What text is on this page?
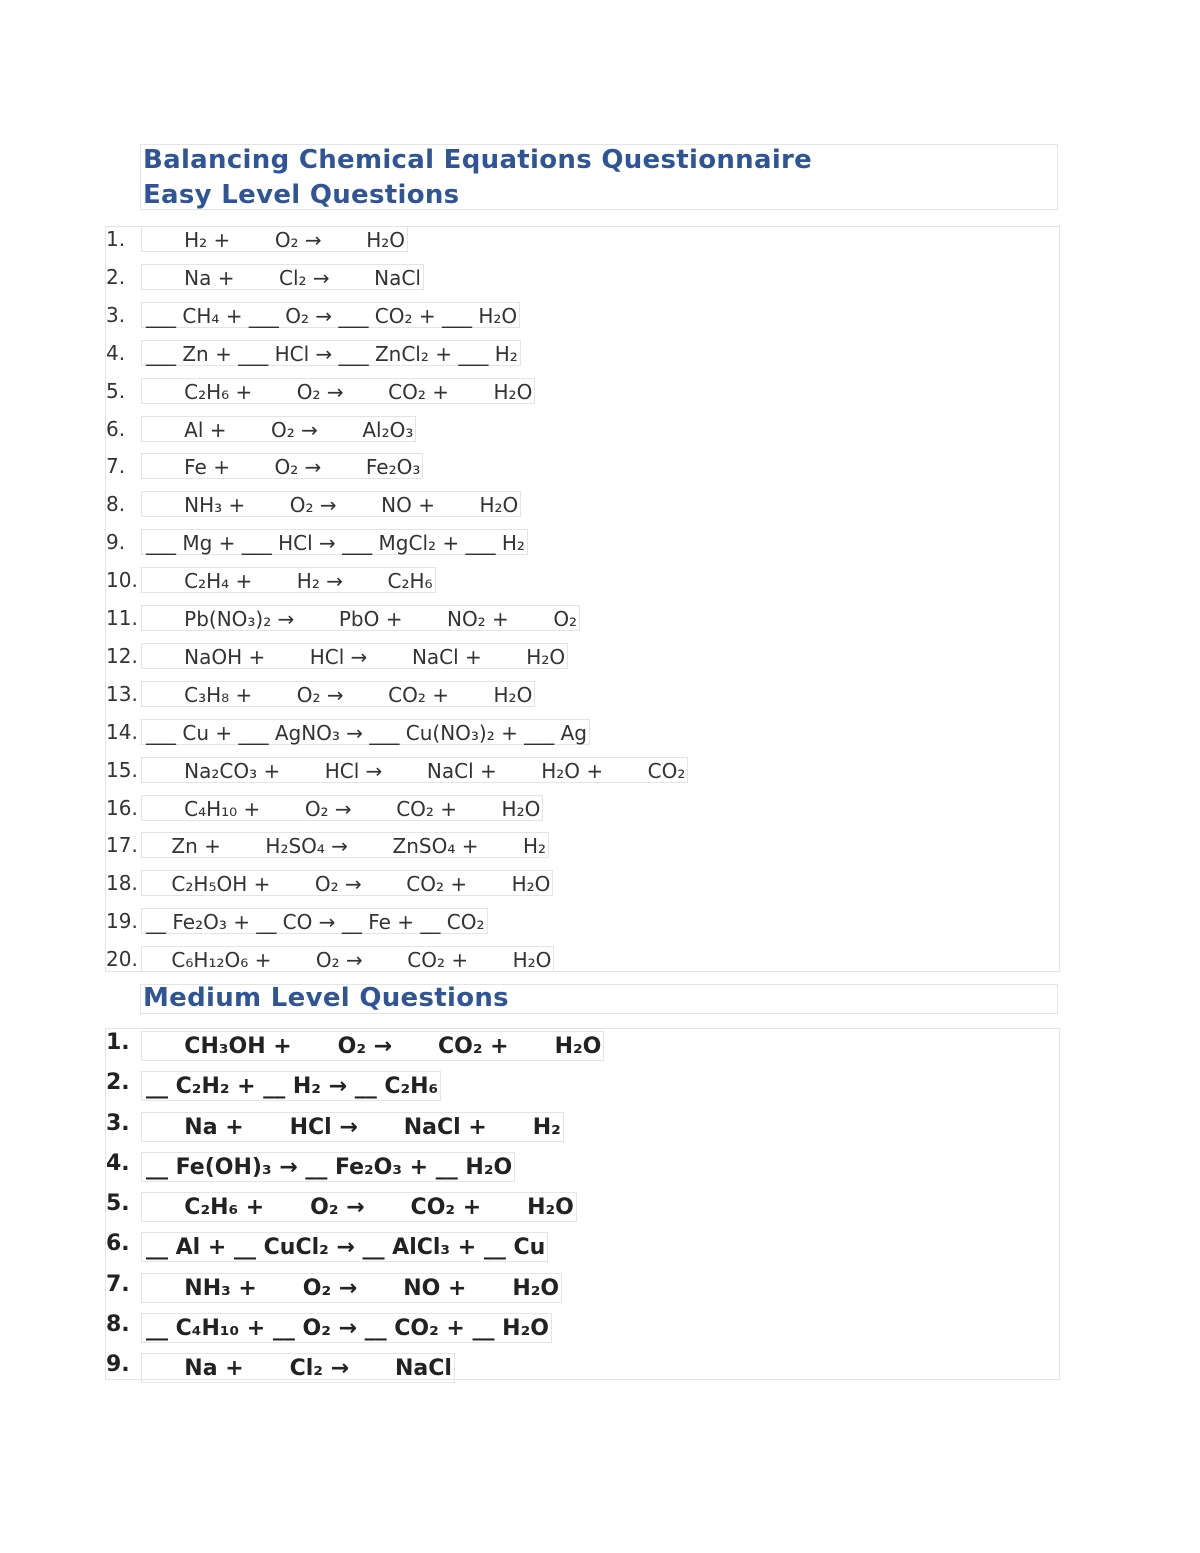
Balancing Chemical Equations Questionnaire
Easy Level Questions
1. H₂ +       O₂ →       H₂O
2. Na +       Cl₂ →       NaCl
3. ___ CH₄ + ___ O₂ → ___ CO₂ + ___ H₂O
4. ___ Zn + ___ HCl → ___ ZnCl₂ + ___ H₂
5. C₂H₆ +       O₂ →       CO₂ +       H₂O
6. Al +       O₂ →       Al₂O₃
7. Fe +       O₂ →       Fe₂O₃
8. NH₃ +       O₂ →       NO +       H₂O
9. ___ Mg + ___ HCl → ___ MgCl₂ + ___ H₂
10. C₂H₄ +       H₂ →       C₂H₆
11. Pb(NO₃)₂ →       PbO +       NO₂ +       O₂
12. NaOH +       HCl →       NaCl +       H₂O
13. C₃H₈ +       O₂ →       CO₂ +       H₂O
14. ___ Cu + ___ AgNO₃ → ___ Cu(NO₃)₂ + ___ Ag
15. Na₂CO₃ +       HCl →       NaCl +       H₂O +       CO₂
16. C₄H₁₀ +       O₂ →       CO₂ +       H₂O
17. Zn +       H₂SO₄ →       ZnSO₄ +       H₂
18. C₂H₅OH +       O₂ →       CO₂ +       H₂O
19. __ Fe₂O₃ + __ CO → __ Fe + __ CO₂
20. C₆H₁₂O₆ +       O₂ →       CO₂ +       H₂O
Medium Level Questions
1. CH₃OH +      O₂ →      CO₂ +      H₂O
2. __ C₂H₂ + __ H₂ → __ C₂H₆
3. Na +      HCl →      NaCl +      H₂
4. __ Fe(OH)₃ → __ Fe₂O₃ + __ H₂O
5. C₂H₆ +      O₂ →      CO₂ +      H₂O
6. __ Al + __ CuCl₂ → __ AlCl₃ + __ Cu
7. NH₃ +      O₂ →      NO +      H₂O
8. __ C₄H₁₀ + __ O₂ → __ CO₂ + __ H₂O
9. Na +      Cl₂ →      NaCl
